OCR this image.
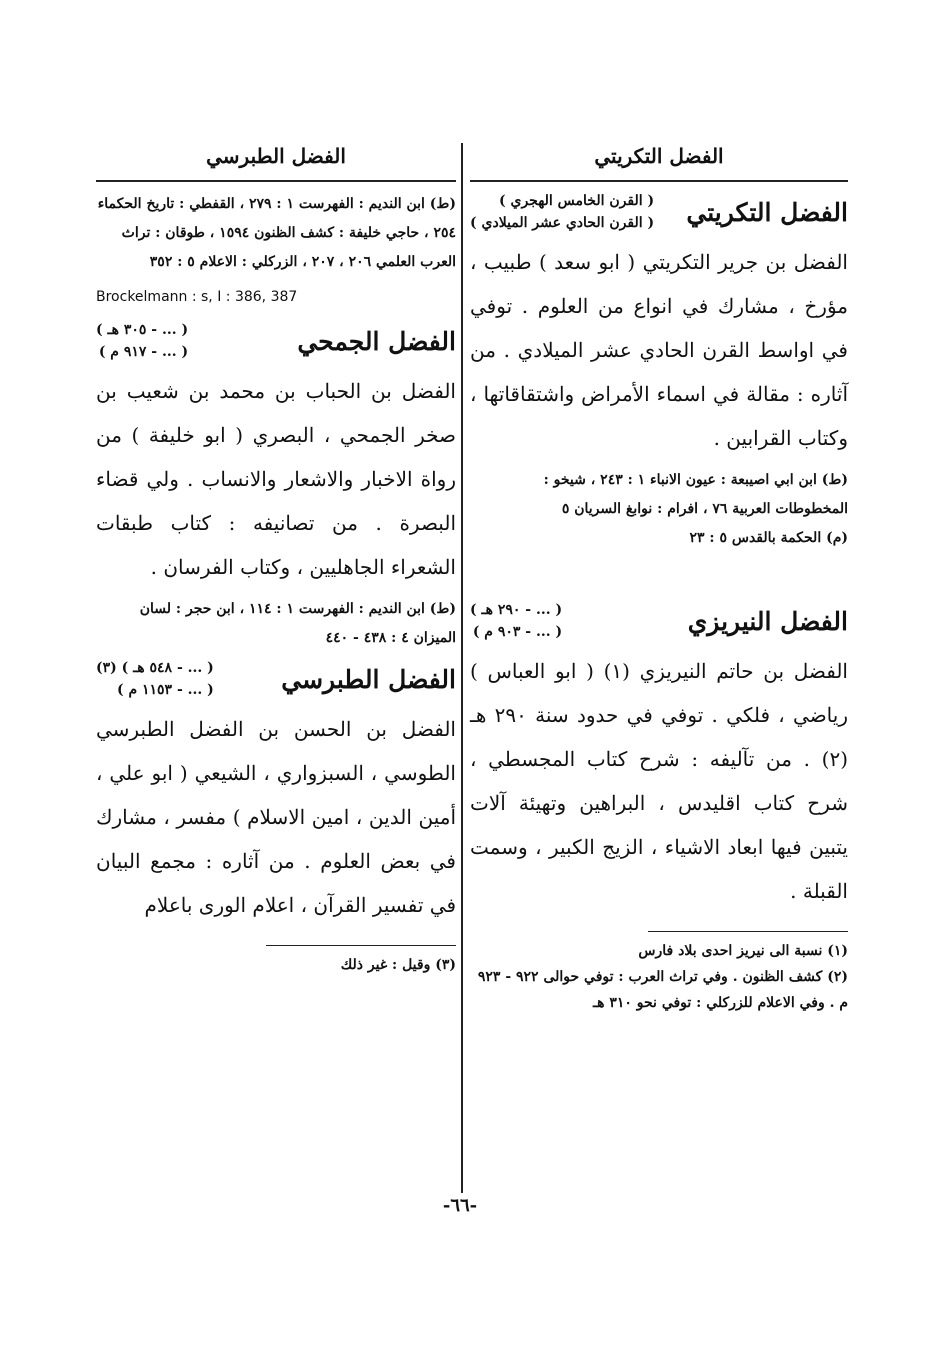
الفضل التكريتي
الفضل التكريتي
( القرن الخامس الهجري )
( القرن الحادي عشر الميلادي )
الفضل بن جرير التكريتي ( ابو سعد ) طبيب ، مؤرخ ، مشارك في انواع من العلوم . توفي في اواسط القرن الحادي عشر الميلادي . من آثاره : مقالة في اسماء الأمراض واشتقاقاتها ، وكتاب القرابين .
(ط) ابن ابي اصيبعة : عيون الانباء ١ : ٢٤٣ ، شيخو : المخطوطات العربية ٧٦ ، افرام : نوابغ السريان ٥
(م) الحكمة بالقدس ٥ : ٢٣
الفضل النيريزي
( ... - ٢٩٠ هـ )
( ... - ٩٠٣ م )
الفضل بن حاتم النيريزي (١) ( ابو العباس ) رياضي ، فلكي . توفي في حدود سنة ٢٩٠ هـ (٢) . من تآليفه : شرح كتاب المجسطي ، شرح كتاب اقليدس ، البراهين وتهيئة آلات يتبين فيها ابعاد الاشياء ، الزيج الكبير ، وسمت القبلة .
(١) نسبة الى نيريز احدى بلاد فارس
(٢) كشف الظنون . وفي تراث العرب : توفي حوالى ٩٢٢ - ٩٢٣ م . وفي الاعلام للزركلي : توفي نحو ٣١٠ هـ
الفضل الطبرسي
(ط) ابن النديم : الفهرست ١ : ٢٧٩ ، القفطي : تاريخ الحكماء ٢٥٤ ، حاجي خليفة : كشف الظنون ١٥٩٤ ، طوقان : تراث العرب العلمي ٢٠٦ ، ٢٠٧ ، الزركلي : الاعلام ٥ : ٣٥٢
Brockelmann : s, I : 386, 387
الفضل الجمحي
( ... - ٣٠٥ هـ )
( ... - ٩١٧ م )
الفضل بن الحباب بن محمد بن شعيب بن صخر الجمحي ، البصري ( ابو خليفة ) من رواة الاخبار والاشعار والانساب . ولي قضاء البصرة . من تصانيفه : كتاب طبقات الشعراء الجاهليين ، وكتاب الفرسان .
(ط) ابن النديم : الفهرست ١ : ١١٤ ، ابن حجر : لسان الميزان ٤ : ٤٣٨ - ٤٤٠
الفضل الطبرسي
( ... - ٥٤٨ هـ ) (٣)
( ... - ١١٥٣ م )
الفضل بن الحسن بن الفضل الطبرسي الطوسي ، السبزواري ، الشيعي ( ابو علي ، أمين الدين ، امين الاسلام ) مفسر ، مشارك في بعض العلوم . من آثاره : مجمع البيان في تفسير القرآن ، اعلام الورى باعلام
(٣) وقيل : غير ذلك
-٦٦-
